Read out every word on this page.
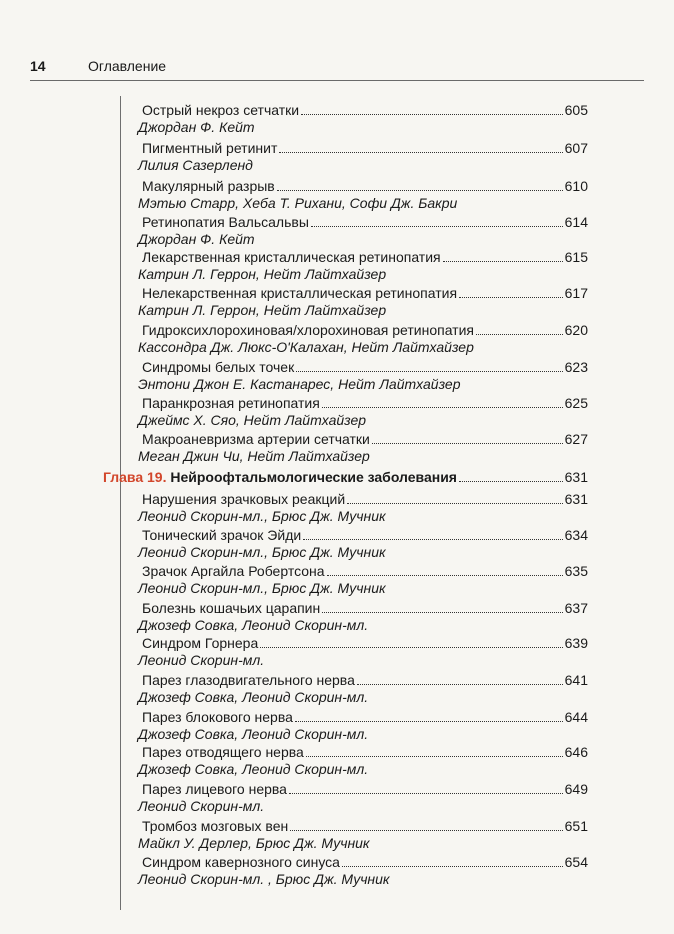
14	Оглавление
Острый некроз сетчатки	605
Джордан Ф. Кейт
Пигментный ретинит	607
Лилия Сазерленд
Макулярный разрыв	610
Мэтью Старр, Хеба Т. Рихани, Софи Дж. Бакри
Ретинопатия Вальсальвы	614
Джордан Ф. Кейт
Лекарственная кристаллическая ретинопатия	615
Катрин Л. Геррон, Нейт Лайтхайзер
Нелекарственная кристаллическая ретинопатия	617
Катрин Л. Геррон, Нейт Лайтхайзер
Гидроксихлорохиновая/хлорохиновая ретинопатия	620
Кассондра Дж. Люкс-О'Калахан, Нейт Лайтхайзер
Синдромы белых точек	623
Энтони Джон Е. Кастанарес, Нейт Лайтхайзер
Паранкрозная ретинопатия	625
Джеймс Х. Сяо, Нейт Лайтхайзер
Макроаневризма артерии сетчатки	627
Меган Джин Чи, Нейт Лайтхайзер
Глава 19. Нейроофтальмологические заболевания	631
Нарушения зрачковых реакций	631
Леонид Скорин-мл., Брюс Дж. Мучник
Тонический зрачок Эйди	634
Леонид Скорин-мл., Брюс Дж. Мучник
Зрачок Аргайла Робертсона	635
Леонид Скорин-мл., Брюс Дж. Мучник
Болезнь кошачьих царапин	637
Джозеф Совка, Леонид Скорин-мл.
Синдром Горнера	639
Леонид Скорин-мл.
Парез глазодвигательного нерва	641
Джозеф Совка, Леонид Скорин-мл.
Парез блокового нерва	644
Джозеф Совка, Леонид Скорин-мл.
Парез отводящего нерва	646
Джозеф Совка, Леонид Скорин-мл.
Парез лицевого нерва	649
Леонид Скорин-мл.
Тромбоз мозговых вен	651
Майкл У. Дерлер, Брюс Дж. Мучник
Синдром кавернозного синуса	654
Леонид Скорин-мл. , Брюс Дж. Мучник
